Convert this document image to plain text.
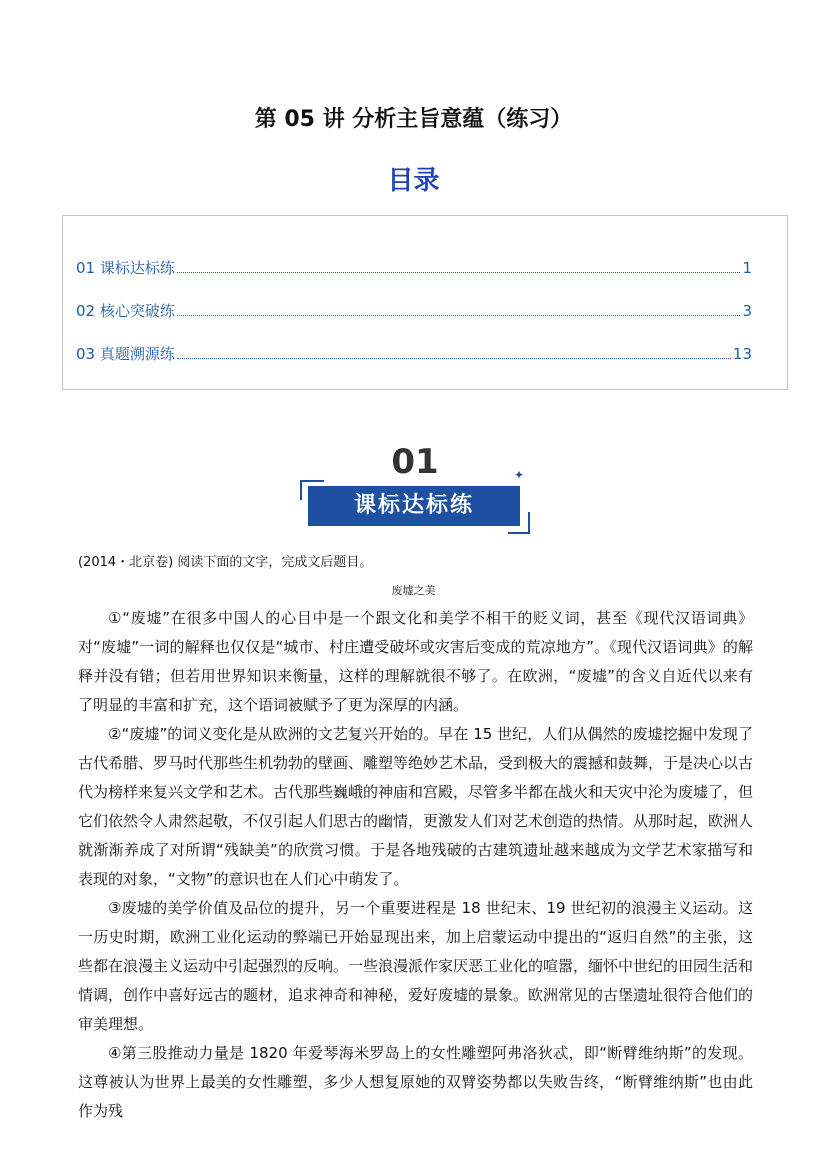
第 05 讲 分析主旨意蕴（练习）
目录
01 课标达标练	1
02 核心突破练	3
03 真题溯源练	13
01	✦
课标达标练
(2014・北京卷) 阅读下面的文字，完成文后题目。
废墟之美

①“废墟”在很多中国人的心目中是一个跟文化和美学不相干的贬义词，甚至《现代汉语词典》对“废墟”一词的解释也仅仅是“城市、村庄遭受破坏或灾害后变成的荒凉地方”。《现代汉语词典》的解释并没有错；但若用世界知识来衡量，这样的理解就很不够了。在欧洲，“废墟”的含义自近代以来有了明显的丰富和扩充，这个语词被赋予了更为深厚的内涵。

②“废墟”的词义变化是从欧洲的文艺复兴开始的。早在 15 世纪，人们从偶然的废墟挖掘中发现了古代希腊、罗马时代那些生机勃勃的壁画、雕塑等绝妙艺术品，受到极大的震撼和鼓舞，于是决心以古代为榜样来复兴文学和艺术。古代那些巍峨的神庙和宫殿，尽管多半都在战火和天灾中沦为废墟了，但它们依然令人肃然起敬，不仅引起人们思古的幽情，更激发人们对艺术创造的热情。从那时起，欧洲人就渐渐养成了对所谓“残缺美”的欣赏习惯。于是各地残破的古建筑遗址越来越成为文学艺术家描写和表现的对象，“文物”的意识也在人们心中萌发了。

③废墟的美学价值及品位的提升，另一个重要进程是 18 世纪末、19 世纪初的浪漫主义运动。这一历史时期，欧洲工业化运动的弊端已开始显现出来，加上启蒙运动中提出的“返归自然”的主张，这些都在浪漫主义运动中引起强烈的反响。一些浪漫派作家厌恶工业化的喧嚣，缅怀中世纪的田园生活和情调，创作中喜好远古的题材，追求神奇和神秘，爱好废墟的景象。欧洲常见的古堡遗址很符合他们的审美理想。

④第三股推动力量是 1820 年爱琴海米罗岛上的女性雕塑阿弗洛狄忒，即“断臂维纳斯”的发现。这尊被认为世界上最美的女性雕塑，多少人想复原她的双臂姿势都以失败告终，“断臂维纳斯”也由此作为残
